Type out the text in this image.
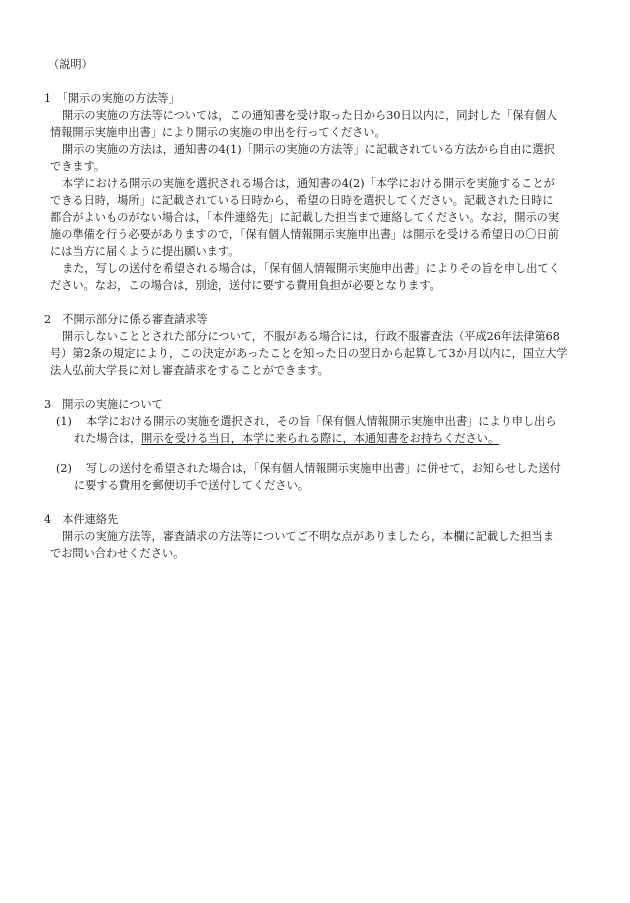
（説明）
1　「開示の実施の方法等」
開示の実施の方法等については，この通知書を受け取った日から30日以内に，同封した「保有個人
情報開示実施申出書」により開示の実施の申出を行ってください。
開示の実施の方法は，通知書の4(1)「開示の実施の方法等」に記載されている方法から自由に選択
できます。
本学における開示の実施を選択される場合は，通知書の4(2)「本学における開示を実施することが
できる日時，場所」に記載されている日時から，希望の日時を選択してください。記載された日時に
都合がよいものがない場合は，「本件連絡先」に記載した担当まで連絡してください。なお，開示の実
施の準備を行う必要がありますので，「保有個人情報開示実施申出書」は開示を受ける希望日の〇日前
には当方に届くように提出願います。
また，写しの送付を希望される場合は，「保有個人情報開示実施申出書」によりその旨を申し出てく
ださい。なお，この場合は，別途，送付に要する費用負担が必要となります。
2　不開示部分に係る審査請求等
開示しないこととされた部分について，不服がある場合には，行政不服審査法（平成26年法律第68
号）第2条の規定により，この決定があったことを知った日の翌日から起算して3か月以内に，国立大学
法人弘前大学長に対し審査請求をすることができます。
3　開示の実施について
(1) 本学における開示の実施を選択され，その旨「保有個人情報開示実施申出書」により申し出ら
れた場合は，開示を受ける当日，本学に来られる際に，本通知書をお持ちください。
(2) 写しの送付を希望された場合は，「保有個人情報開示実施申出書」に併せて，お知らせした送付
に要する費用を郵便切手で送付してください。
4　本件連絡先
開示の実施方法等，審査請求の方法等についてご不明な点がありましたら，本欄に記載した担当ま
でお問い合わせください。
